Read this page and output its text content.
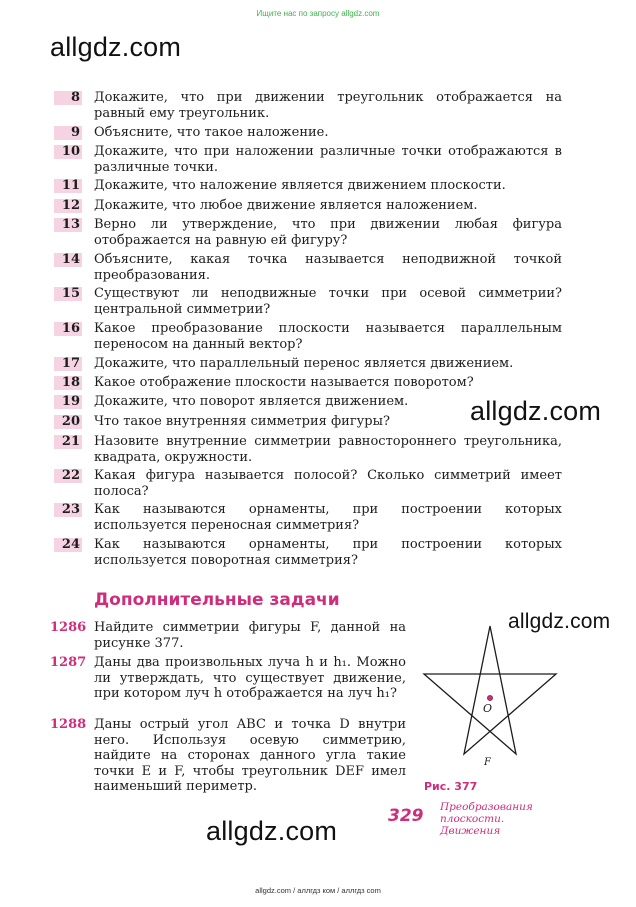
Ищите нас по запросу allgdz.com
allgdz.com
allgdz.com
allgdz.com
allgdz.com
8 Докажите, что при движении треугольник отображается на равный ему треугольник.
9 Объясните, что такое наложение.
10 Докажите, что при наложении различные точки отображаются в различные точки.
11 Докажите, что наложение является движением плоскости.
12 Докажите, что любое движение является наложением.
13 Верно ли утверждение, что при движении любая фигура отображается на равную ей фигуру?
14 Объясните, какая точка называется неподвижной точкой преобразования.
15 Существуют ли неподвижные точки при осевой симметрии? центральной симметрии?
16 Какое преобразование плоскости называется параллельным переносом на данный вектор?
17 Докажите, что параллельный перенос является движением.
18 Какое отображение плоскости называется поворотом?
19 Докажите, что поворот является движением.
20 Что такое внутренняя симметрия фигуры?
21 Назовите внутренние симметрии равностороннего треугольника, квадрата, окружности.
22 Какая фигура называется полосой? Сколько симметрий имеет полоса?
23 Как называются орнаменты, при построении которых используется переносная симметрия?
24 Как называются орнаменты, при построении которых используется поворотная симметрия?
Дополнительные задачи
1286 Найдите симметрии фигуры F, данной на рисунке 377.
1287 Даны два произвольных луча h и h₁. Можно ли утверждать, что существует движение, при котором луч h отображается на луч h₁?
1288 Даны острый угол ABC и точка D внутри него. Используя осевую симметрию, найдите на сторонах данного угла такие точки E и F, чтобы треугольник DEF имел наименьший периметр.
O
F
Рис. 377
329 Преобразования
плоскости.
Движения
allgdz.com / аллгдз ком / аллгдз com
